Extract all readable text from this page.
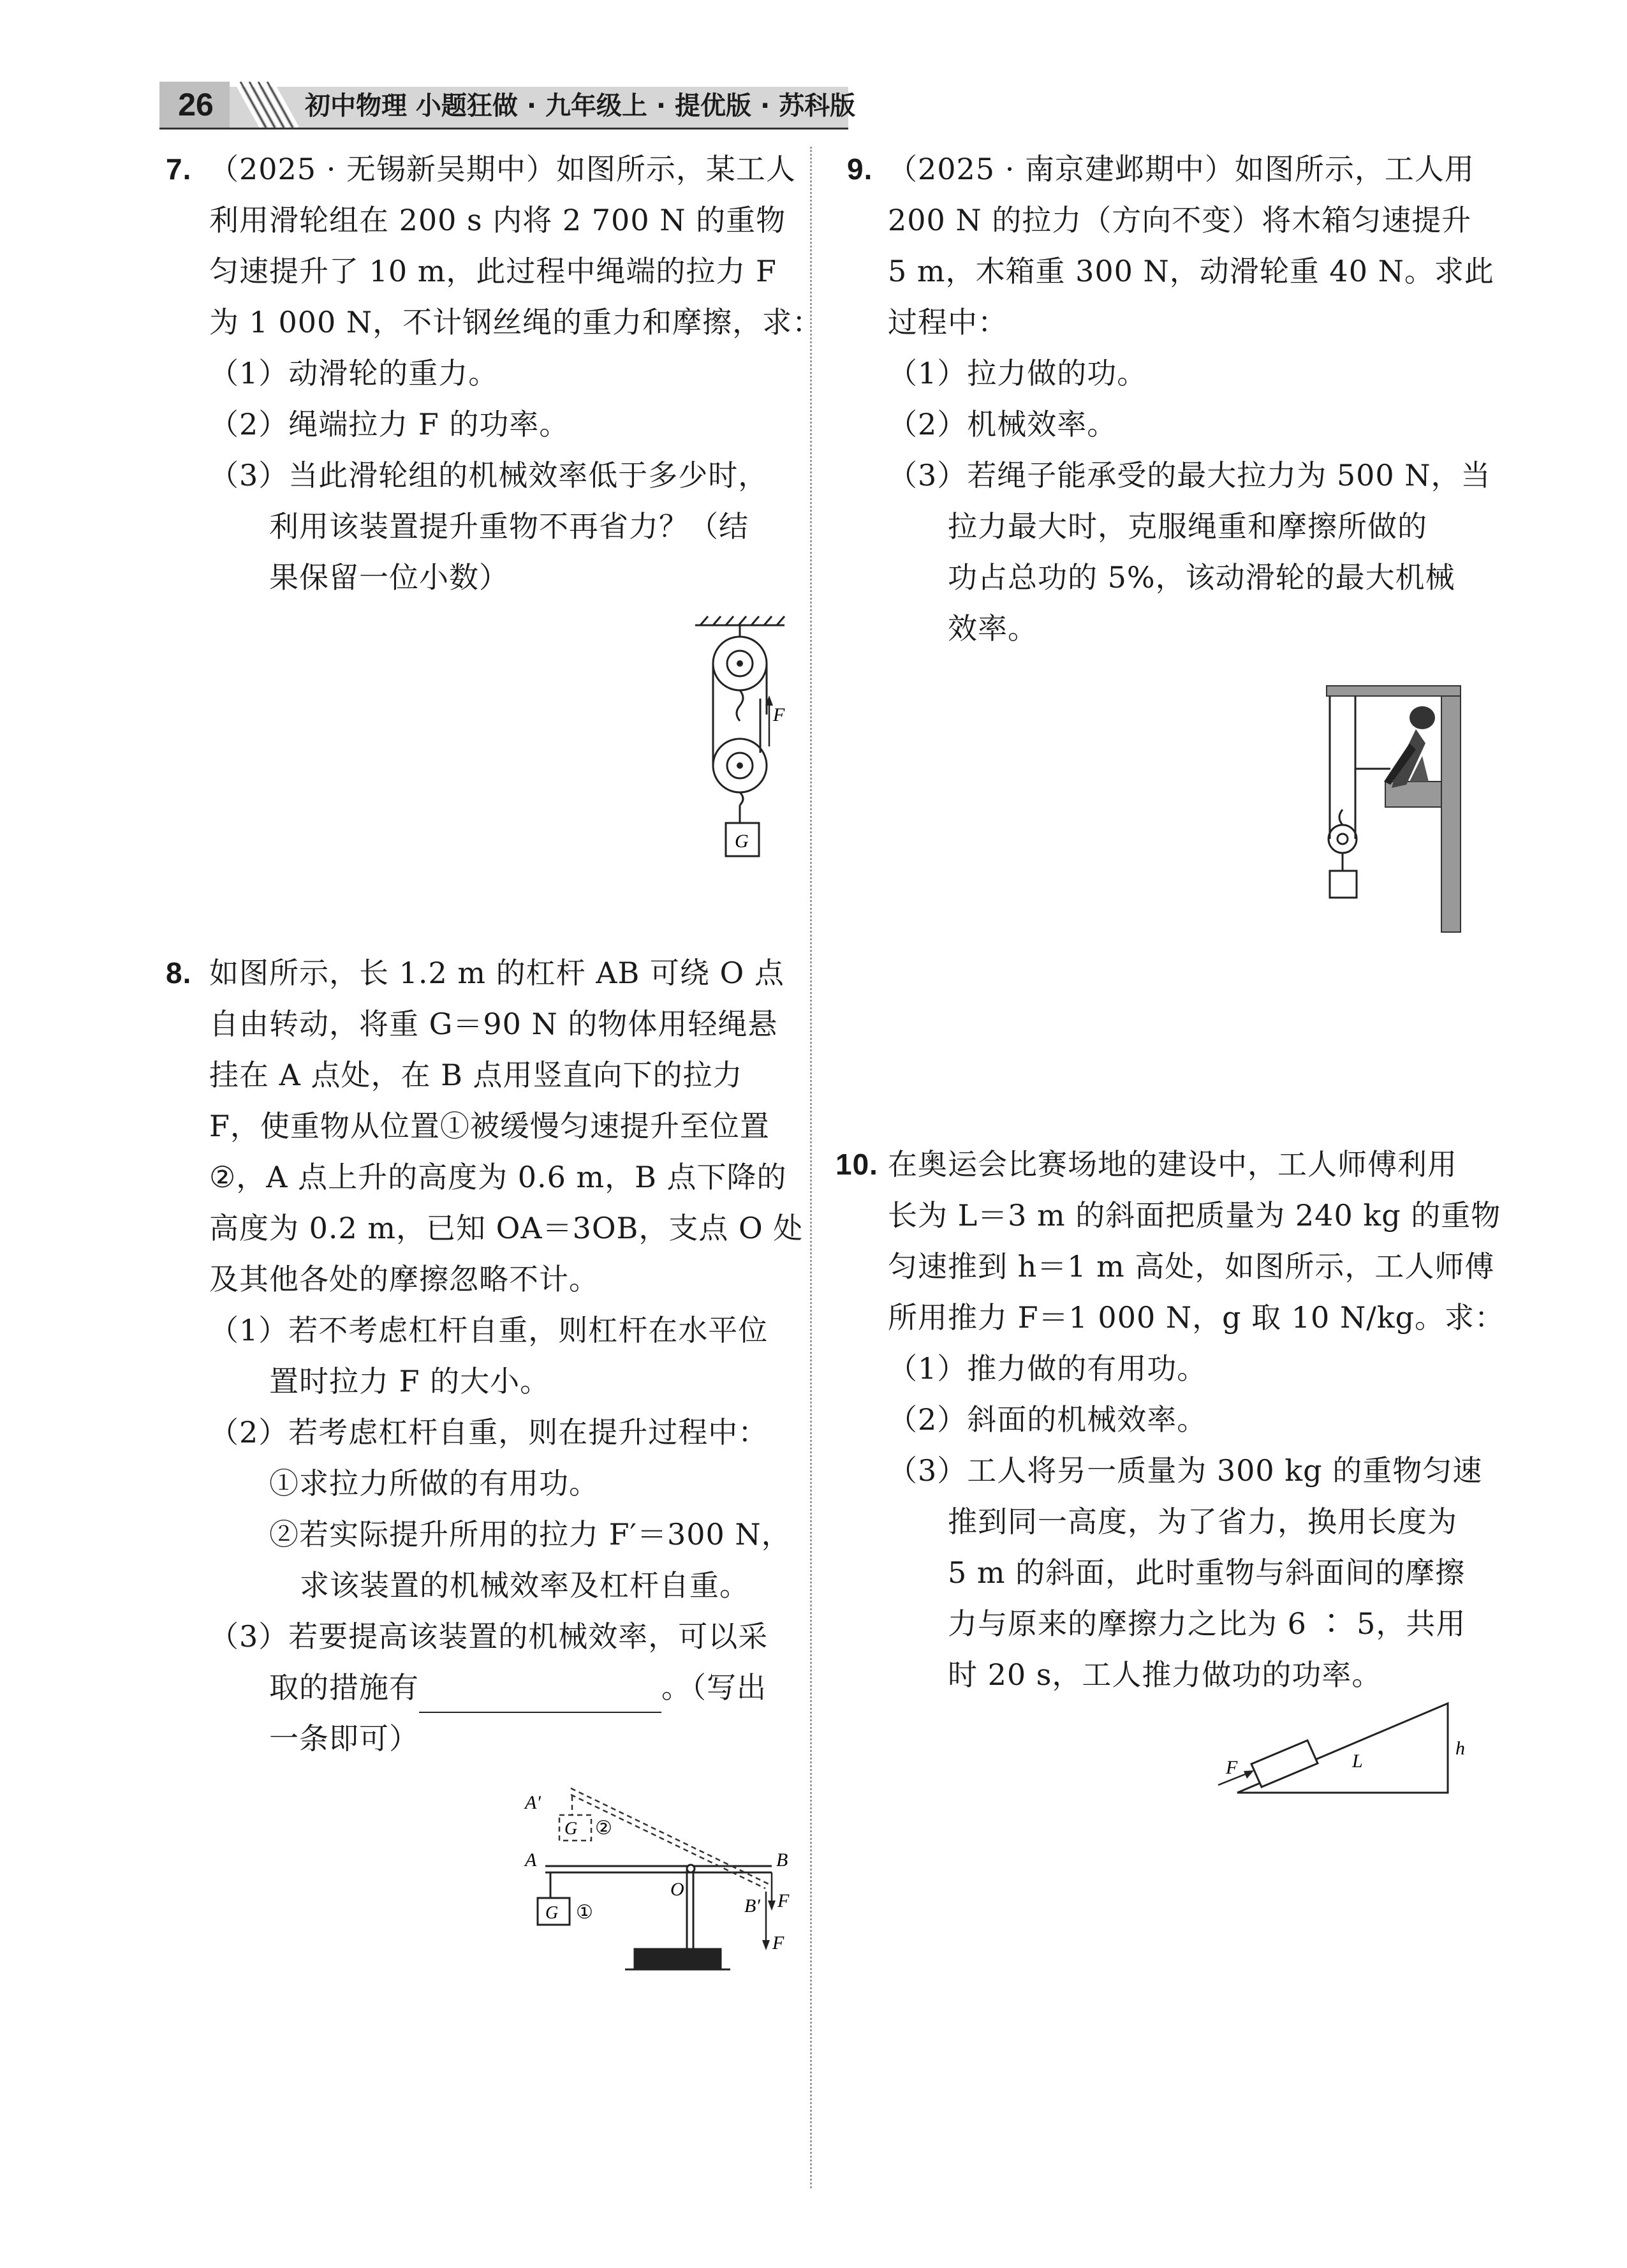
26	初中物理 小题狂做 · 九年级上 · 提优版 · 苏科版
7. （2025 · 无锡新吴期中）如图所示，某工人
利用滑轮组在 200 s 内将 2 700 N 的重物
匀速提升了 10 m，此过程中绳端的拉力 F
为 1 000 N，不计钢丝绳的重力和摩擦，求：
（1）动滑轮的重力。
（2）绳端拉力 F 的功率。
（3）当此滑轮组的机械效率低于多少时，
利用该装置提升重物不再省力？（结
果保留一位小数）
F
G
8. 如图所示，长 1.2 m 的杠杆 AB 可绕 O 点
自由转动，将重 G＝90 N 的物体用轻绳悬
挂在 A 点处，在 B 点用竖直向下的拉力
F，使重物从位置①被缓慢匀速提升至位置
②，A 点上升的高度为 0.6 m，B 点下降的
高度为 0.2 m，已知 OA＝3OB，支点 O 处
及其他各处的摩擦忽略不计。
（1）若不考虑杠杆自重，则杠杆在水平位
置时拉力 F 的大小。
（2）若考虑杠杆自重，则在提升过程中：
①求拉力所做的有用功。
②若实际提升所用的拉力 F′＝300 N，
求该装置的机械效率及杠杆自重。
（3）若要提高该装置的机械效率，可以采
取的措施有	。（写出
一条即可）
A′
G ②
A
G ①
O
B
B′ F
F
9. （2025 · 南京建邺期中）如图所示，工人用
200 N 的拉力（方向不变）将木箱匀速提升
5 m，木箱重 300 N，动滑轮重 40 N。求此
过程中：
（1）拉力做的功。
（2）机械效率。
（3）若绳子能承受的最大拉力为 500 N，当
拉力最大时，克服绳重和摩擦所做的
功占总功的 5%，该动滑轮的最大机械
效率。
10. 在奥运会比赛场地的建设中，工人师傅利用
长为 L＝3 m 的斜面把质量为 240 kg 的重物
匀速推到 h＝1 m 高处，如图所示，工人师傅
所用推力 F＝1 000 N，g 取 10 N/kg。求：
（1）推力做的有用功。
（2）斜面的机械效率。
（3）工人将另一质量为 300 kg 的重物匀速
推到同一高度，为了省力，换用长度为
5 m 的斜面，此时重物与斜面间的摩擦
力与原来的摩擦力之比为 6 ∶ 5，共用
时 20 s，工人推力做功的功率。
F	L
h
